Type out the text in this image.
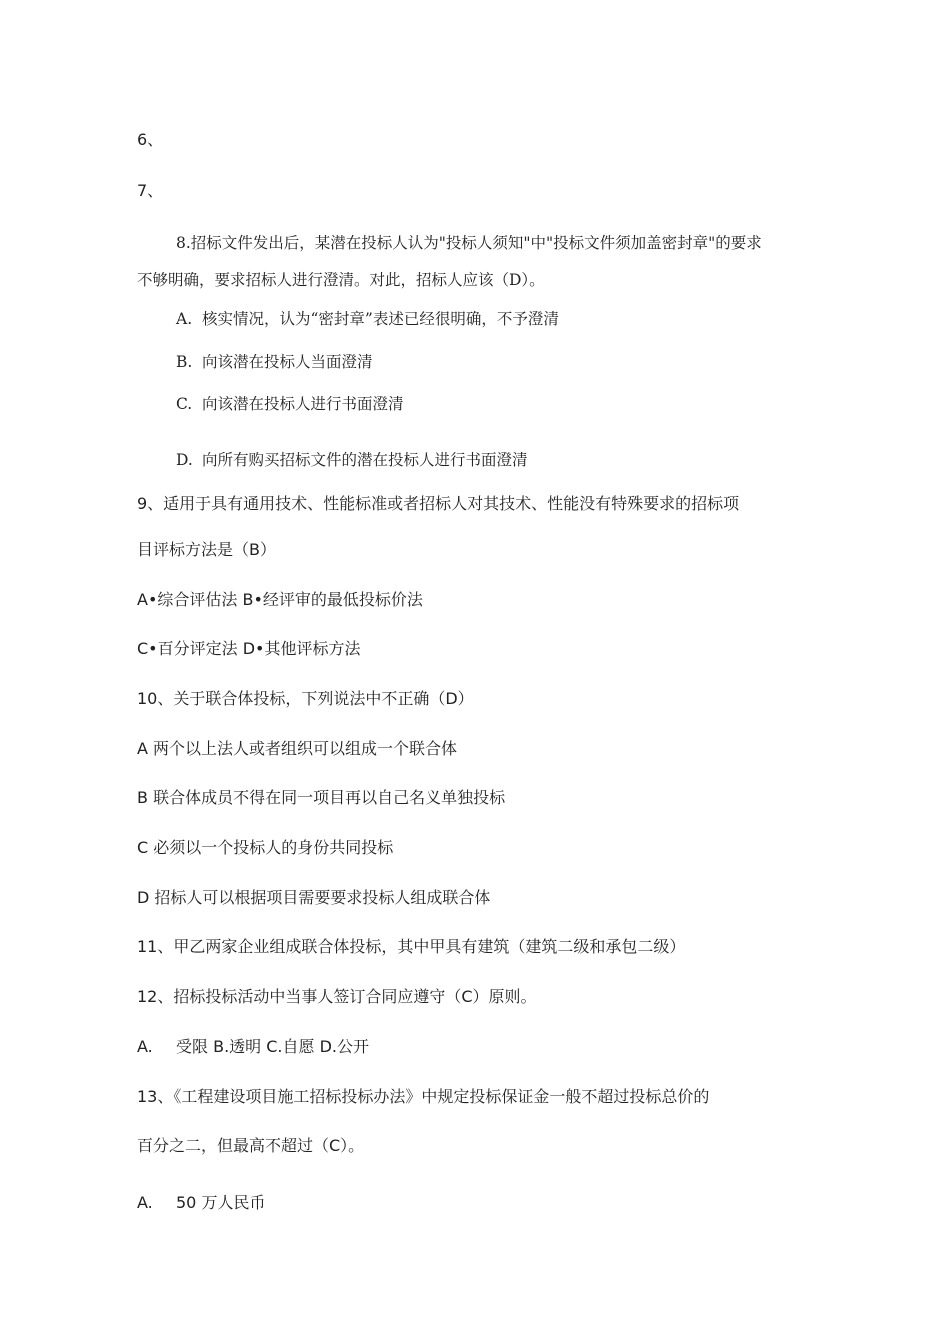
6、
7、
8.招标文件发出后，某潜在投标人认为"投标人须知"中"投标文件须加盖密封章"的要求
不够明确，要求招标人进行澄清。对此，招标人应该（D）。
A. 核实情况，认为“密封章”表述已经很明确，不予澄清
B. 向该潜在投标人当面澄清
C. 向该潜在投标人进行书面澄清
D. 向所有购买招标文件的潜在投标人进行书面澄清
9、适用于具有通用技术、性能标准或者招标人对其技术、性能没有特殊要求的招标项
目评标方法是（B）
A•综合评估法 B•经评审的最低投标价法
C•百分评定法 D•其他评标方法
10、关于联合体投标，下列说法中不正确（D）
A 两个以上法人或者组织可以组成一个联合体
B 联合体成员不得在同一项目再以自己名义单独投标
C 必须以一个投标人的身份共同投标
D 招标人可以根据项目需要要求投标人组成联合体
11、甲乙两家企业组成联合体投标，其中甲具有建筑（建筑二级和承包二级）
12、招标投标活动中当事人签订合同应遵守（C）原则。
A. 受限 B.透明 C.自愿 D.公开
13、《工程建设项目施工招标投标办法》中规定投标保证金一般不超过投标总价的
百分之二，但最高不超过（C）。
A. 50 万人民币
